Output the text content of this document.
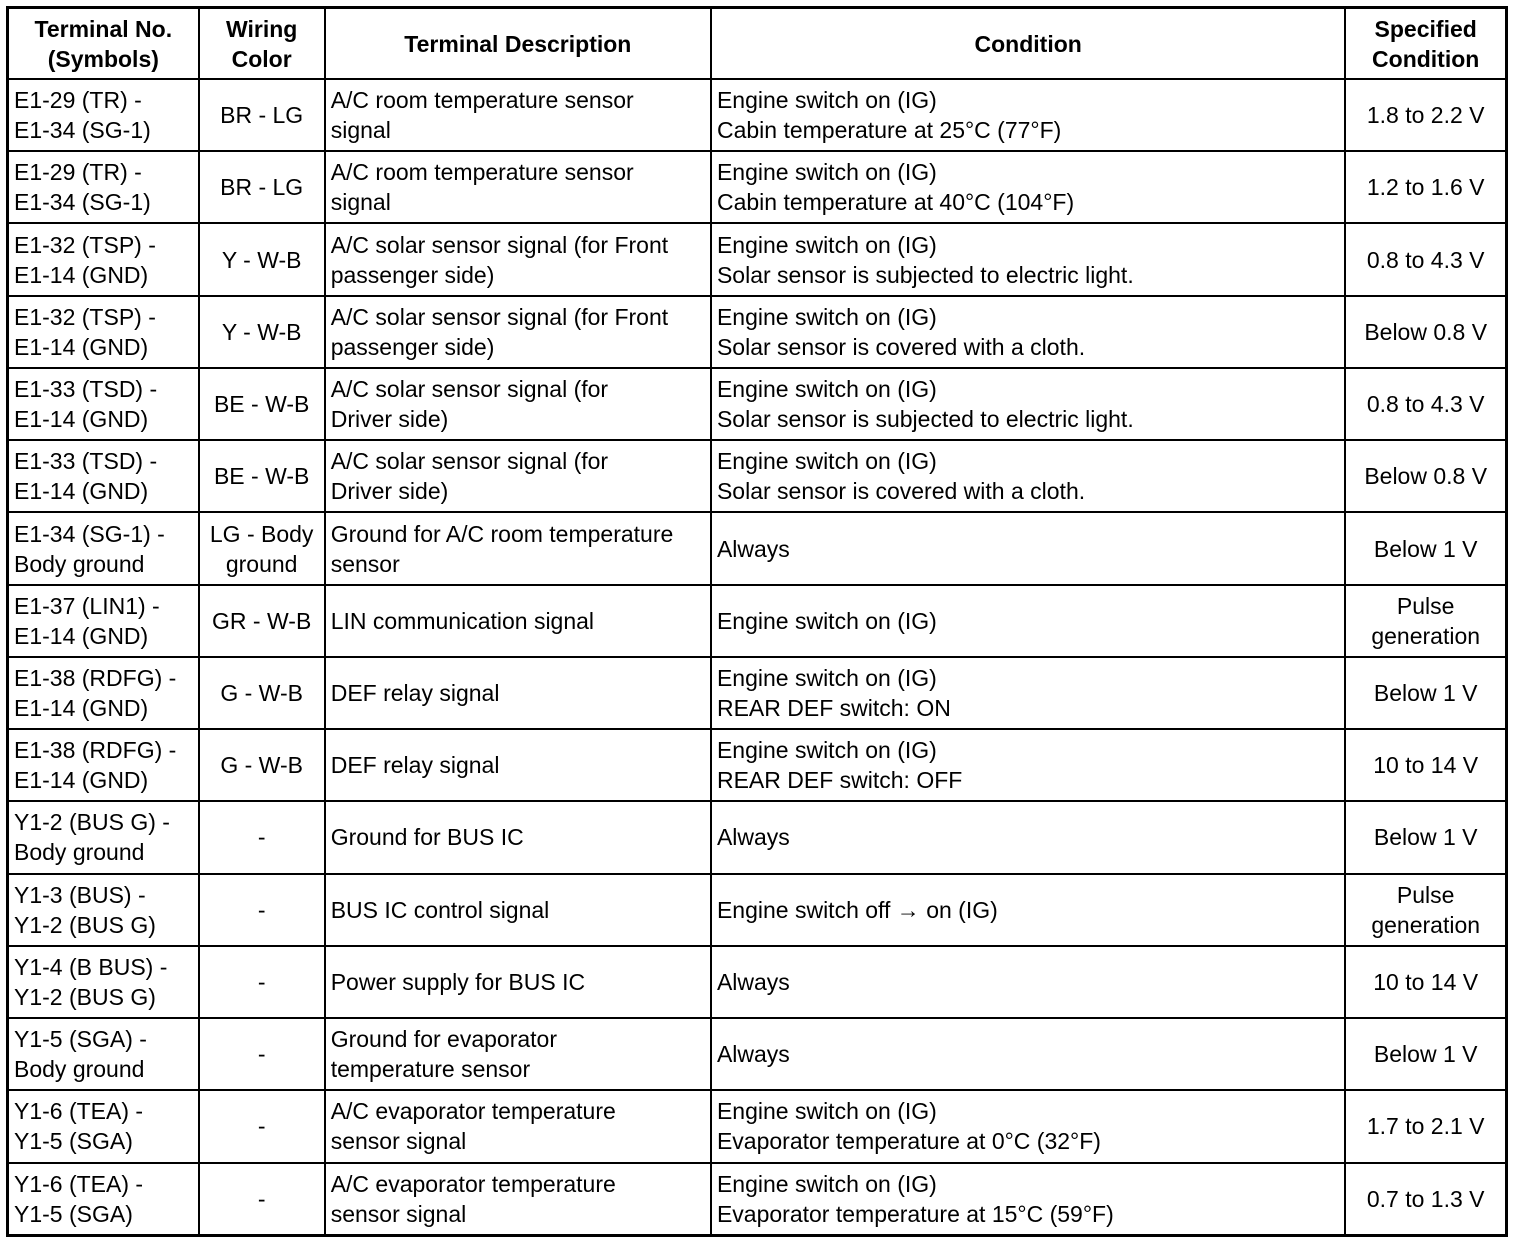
Terminal No.
(Symbols)	Wiring
Color	Terminal Description	Condition	Specified
Condition

E1-29 (TR) -
E1-34 (SG-1)	BR - LG	A/C room temperature sensor
signal	Engine switch on (IG)
Cabin temperature at 25°C (77°F)	1.8 to 2.2 V

E1-29 (TR) -
E1-34 (SG-1)	BR - LG	A/C room temperature sensor
signal	Engine switch on (IG)
Cabin temperature at 40°C (104°F)	1.2 to 1.6 V

E1-32 (TSP) -
E1-14 (GND)	Y - W-B	A/C solar sensor signal (for Front
passenger side)	Engine switch on (IG)
Solar sensor is subjected to electric light.	0.8 to 4.3 V

E1-32 (TSP) -
E1-14 (GND)	Y - W-B	A/C solar sensor signal (for Front
passenger side)	Engine switch on (IG)
Solar sensor is covered with a cloth.	Below 0.8 V

E1-33 (TSD) -
E1-14 (GND)	BE - W-B	A/C solar sensor signal (for
Driver side)	Engine switch on (IG)
Solar sensor is subjected to electric light.	0.8 to 4.3 V

E1-33 (TSD) -
E1-14 (GND)	BE - W-B	A/C solar sensor signal (for
Driver side)	Engine switch on (IG)
Solar sensor is covered with a cloth.	Below 0.8 V

E1-34 (SG-1) -
Body ground	LG - Body
ground	Ground for A/C room temperature
sensor	Always	Below 1 V

E1-37 (LIN1) -
E1-14 (GND)	GR - W-B	LIN communication signal	Engine switch on (IG)	Pulse
generation

E1-38 (RDFG) -
E1-14 (GND)	G - W-B	DEF relay signal	Engine switch on (IG)
REAR DEF switch: ON	Below 1 V

E1-38 (RDFG) -
E1-14 (GND)	G - W-B	DEF relay signal	Engine switch on (IG)
REAR DEF switch: OFF	10 to 14 V

Y1-2 (BUS G) -
Body ground	-	Ground for BUS IC	Always	Below 1 V

Y1-3 (BUS) -
Y1-2 (BUS G)	-	BUS IC control signal	Engine switch off → on (IG)	Pulse
generation

Y1-4 (B BUS) -
Y1-2 (BUS G)	-	Power supply for BUS IC	Always	10 to 14 V

Y1-5 (SGA) -
Body ground	-	Ground for evaporator
temperature sensor	Always	Below 1 V

Y1-6 (TEA) -
Y1-5 (SGA)	-	A/C evaporator temperature
sensor signal	Engine switch on (IG)
Evaporator temperature at 0°C (32°F)	1.7 to 2.1 V

Y1-6 (TEA) -
Y1-5 (SGA)	-	A/C evaporator temperature
sensor signal	Engine switch on (IG)
Evaporator temperature at 15°C (59°F)	0.7 to 1.3 V
